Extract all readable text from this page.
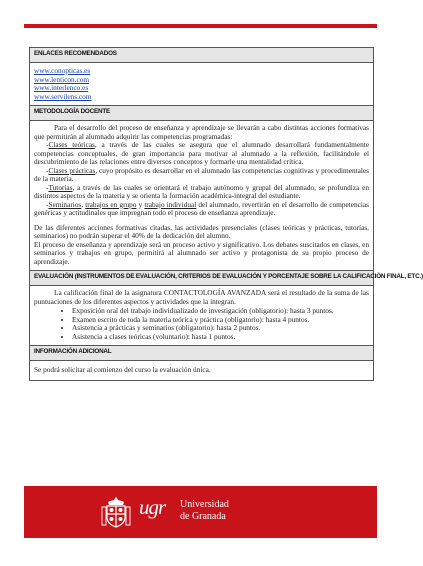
ENLACES RECOMENDADOS
www.conopticas.es
www.lenticon.com
www.interlenco.es
www.servilens.com
METODOLOGÍA DOCENTE

Para el desarrollo del proceso de enseñanza y aprendizaje se llevarán a cabo distintas acciones formativas que permitirán al alumnado adquirir las competencias programadas:

-Clases teóricas, a través de las cuales se asegura que el alumnado desarrollará fundamentalmente competencias conceptuales, de gran importancia para motivar al alumnado a la reflexión, facilitándole el descubrimiento de las relaciones entre diversos conceptos y formarle una mentalidad crítica.

-Clases prácticas, cuyo propósito es desarrollar en el alumnado las competencias cognitivas y procedimentales de la materia.

-Tutorías, a través de las cuales se orientará el trabajo autónomo y grupal del alumnado, se profundiza en distintos aspectos de la materia y se orienta la formación académica-integral del estudiante.

-Seminarios, trabajos en grupo y trabajo individual del alumnado, revertirán en el desarrollo de competencias genéricas y actitudinales que impregnan todo el proceso de enseñanza aprendizaje.

De las diferentes acciones formativas citadas, las actividades presenciales (clases teóricas y prácticas, tutorías, seminarios) no podrán superar el 40% de la dedicación del alumno.

El proceso de enseñanza y aprendizaje será un proceso activo y significativo. Los debates suscitados en clases, en seminarios y trabajos en grupo, permitirá al alumnado ser activo y protagonista de su propio proceso de aprendizaje.

EVALUACIÓN (INSTRUMENTOS DE EVALUACIÓN, CRITERIOS DE EVALUACIÓN Y PORCENTAJE SOBRE LA CALIFICACIÓN FINAL, ETC.)

La calificación final de la asignatura CONTACTOLOGÍA AVANZADA será el resultado de la suma de las puntuaciones de los diferentes aspectos y actividades que la integran.

• Exposición oral del trabajo individualizado de investigación (obligatorio): hasta 3 puntos.
• Examen escrito de toda la materia teórica y práctica (obligatorio): hasta 4 puntos.
• Asistencia a prácticas y seminarios (obligatorio): hasta 2 puntos.
• Asistencia a clases teóricas (voluntario): hasta 1 puntos.
INFORMACIÓN ADICIONAL

Se podrá solicitar al comienzo del curso la evaluación única.

ugr Universidad
de Granada
